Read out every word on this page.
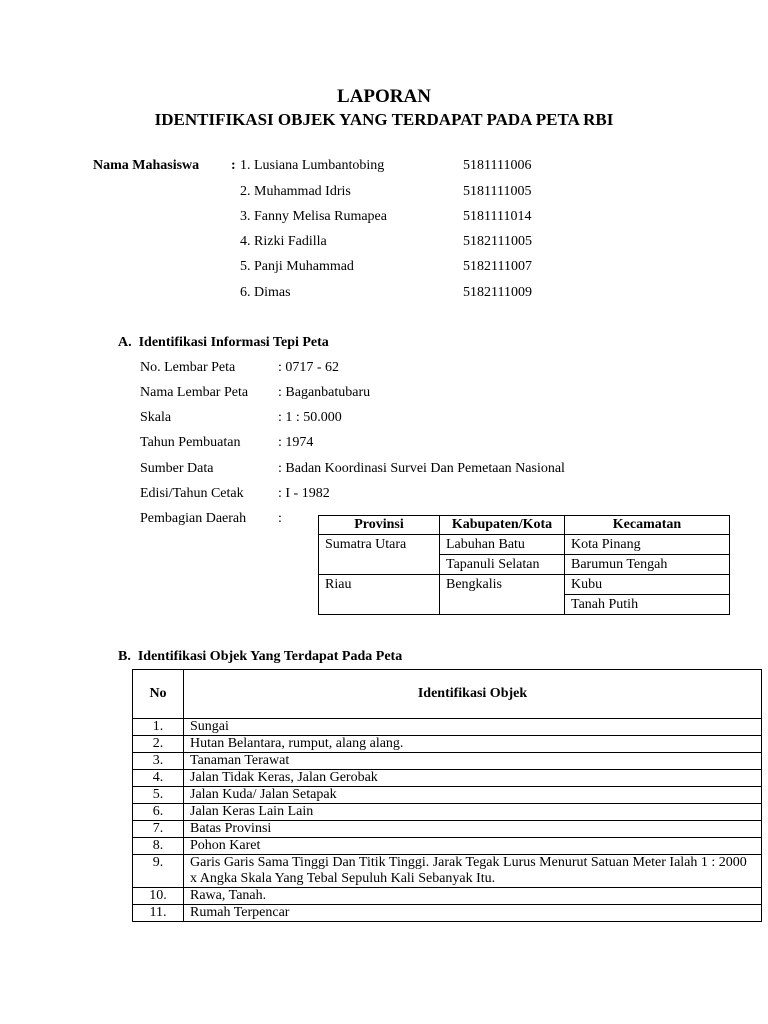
LAPORAN
IDENTIFIKASI OBJEK YANG TERDAPAT PADA PETA RBI
Nama Mahasiswa : 1. Lusiana Lumbantobing	5181111006
2. Muhammad Idris	5181111005
3. Fanny Melisa Rumapea	5181111014
4. Rizki Fadilla	5182111005
5. Panji Muhammad	5182111007
6. Dimas	5182111009
A.  Identifikasi Informasi Tepi Peta
No. Lembar Peta	: 0717 - 62
Nama Lembar Peta : Baganbatubaru
Skala	: 1 : 50.000
Tahun Pembuatan	: 1974
Sumber Data	: Badan Koordinasi Survei Dan Pemetaan Nasional
Edisi/Tahun Cetak : I - 1982
Pembagian Daerah :	Provinsi	Kabupaten/Kota	Kecamatan
Sumatra Utara	Labuhan Batu	Kota Pinang
	Tapanuli Selatan	Barumun Tengah
Riau	Bengkalis	Kubu
		Tanah Putih
B.  Identifikasi Objek Yang Terdapat Pada Peta
No	Identifikasi Objek
1.	Sungai
2.	Hutan Belantara, rumput, alang alang.
3.	Tanaman Terawat
4.	Jalan Tidak Keras, Jalan Gerobak
5.	Jalan Kuda/ Jalan Setapak
6.	Jalan Keras Lain Lain
7.	Batas Provinsi
8.	Pohon Karet
9.	Garis Garis Sama Tinggi Dan Titik Tinggi. Jarak Tegak Lurus Menurut Satuan Meter Ialah 1 : 2000 x Angka Skala Yang Tebal Sepuluh Kali Sebanyak Itu.
10.	Rawa, Tanah.
11.	Rumah Terpencar
